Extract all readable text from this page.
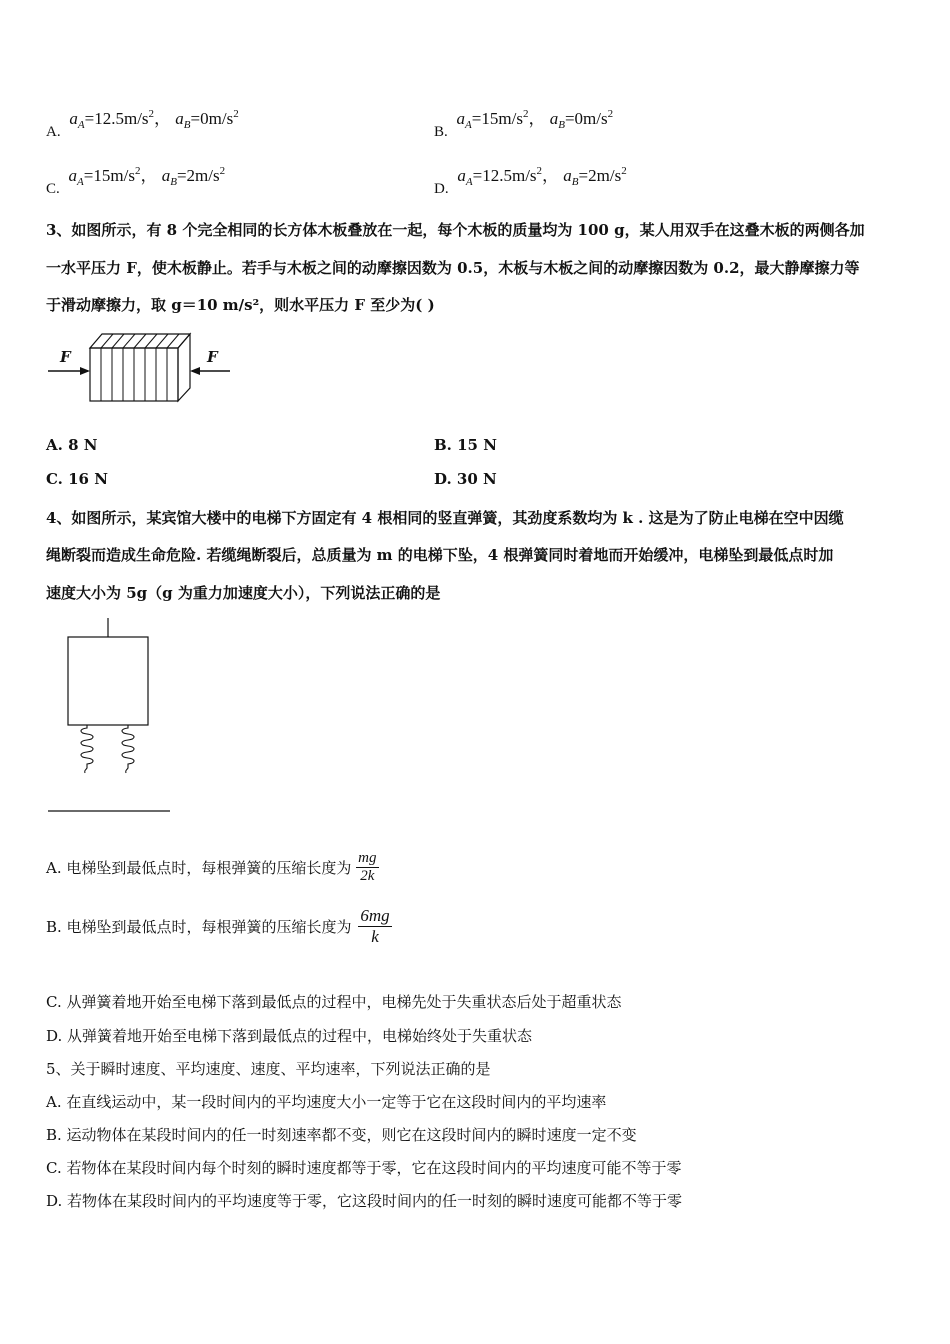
A. $a_A=12.5m/s^2$， $a_B=0m/s^2$
B. $a_A=15m/s^2$， $a_B=0m/s^2$
C. $a_A=15m/s^2$， $a_B=2m/s^2$
D. $a_A=12.5m/s^2$， $a_B=2m/s^2$
3、如图所示，有 8 个完全相同的长方体木板叠放在一起，每个木板的质量均为 100 g，某人用双手在这叠木板的两侧各加
一水平压力 F，使木板静止。若手与木板之间的动摩擦因数为 0.5，木板与木板之间的动摩擦因数为 0.2，最大静摩擦力等
于滑动摩擦力，取 g＝10 m/s²，则水平压力 F 至少为( )
F	F
A. 8 N	B. 15 N
C. 16 N	D. 30 N
4、如图所示，某宾馆大楼中的电梯下方固定有 4 根相同的竖直弹簧，其劲度系数均为 k . 这是为了防止电梯在空中因缆
绳断裂而造成生命危险. 若缆绳断裂后，总质量为 m 的电梯下坠，4 根弹簧同时着地而开始缓冲，电梯坠到最低点时加
速度大小为 5g（g 为重力加速度大小），下列说法正确的是
A. 电梯坠到最低点时，每根弹簧的压缩长度为 $\frac{mg}{2k}$
B. 电梯坠到最低点时，每根弹簧的压缩长度为 $\frac{6mg}{k}$
C. 从弹簧着地开始至电梯下落到最低点的过程中，电梯先处于失重状态后处于超重状态
D. 从弹簧着地开始至电梯下落到最低点的过程中，电梯始终处于失重状态
5、关于瞬时速度、平均速度、速度、平均速率，下列说法正确的是
A. 在直线运动中，某一段时间内的平均速度大小一定等于它在这段时间内的平均速率
B. 运动物体在某段时间内的任一时刻速率都不变，则它在这段时间内的瞬时速度一定不变
C. 若物体在某段时间内每个时刻的瞬时速度都等于零，它在这段时间内的平均速度可能不等于零
D. 若物体在某段时间内的平均速度等于零，它这段时间内的任一时刻的瞬时速度可能都不等于零
